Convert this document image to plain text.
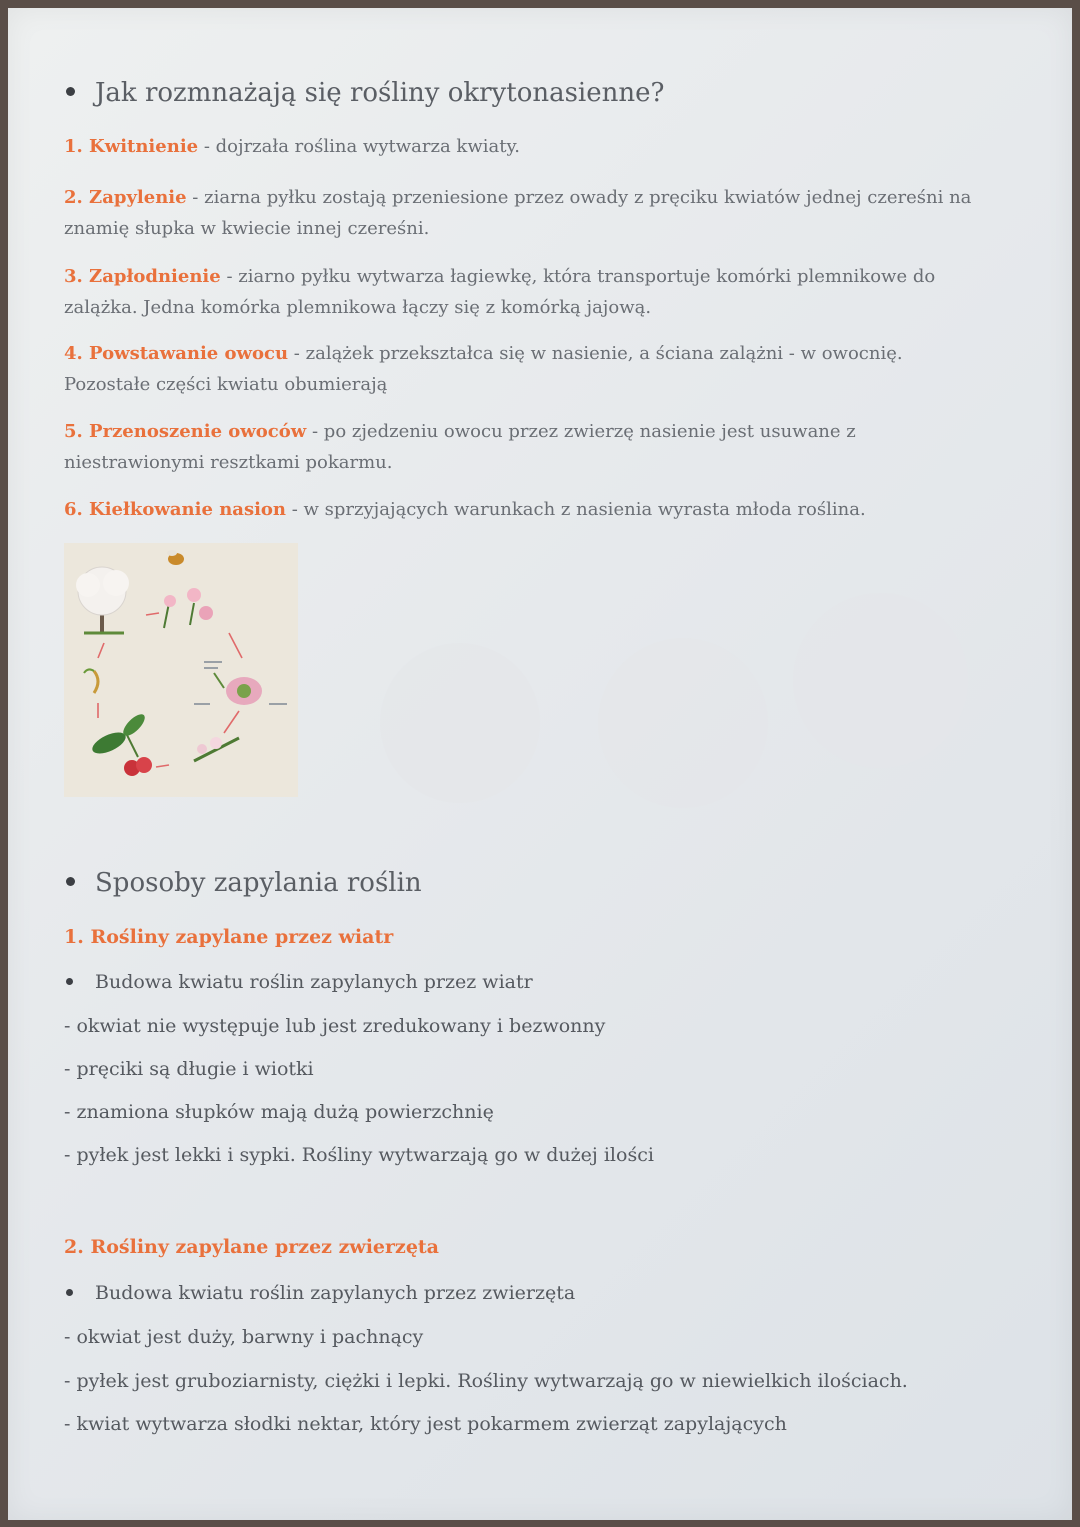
Jak rozmnażają się rośliny okrytonasienne?
1. Kwitnienie - dojrzała roślina wytwarza kwiaty.
2. Zapylenie - ziarna pyłku zostają przeniesione przez owady z pręciku kwiatów jednej czereśni na znamię słupka w kwiecie innej czereśni.
3. Zapłodnienie - ziarno pyłku wytwarza łagiewkę, która transportuje komórki plemnikowe do zalążka. Jedna komórka plemnikowa łączy się z komórką jajową.
4. Powstawanie owocu - zalążek przekształca się w nasienie, a ściana zalążni - w owocnię. Pozostałe części kwiatu obumierają
5. Przenoszenie owoców - po zjedzeniu owocu przez zwierzę nasienie jest usuwane z niestrawionymi resztkami pokarmu.
6. Kiełkowanie nasion - w sprzyjających warunkach z nasienia wyrasta młoda roślina.
Sposoby zapylania roślin
1. Rośliny zapylane przez wiatr
Budowa kwiatu roślin zapylanych przez wiatr
- okwiat nie występuje lub jest zredukowany i bezwonny
- pręciki są długie i wiotki
- znamiona słupków mają dużą powierzchnię
- pyłek jest lekki i sypki. Rośliny wytwarzają go w dużej ilości
2. Rośliny zapylane przez zwierzęta
Budowa kwiatu roślin zapylanych przez zwierzęta
- okwiat jest duży, barwny i pachnący
- pyłek jest gruboziarnisty, ciężki i lepki. Rośliny wytwarzają go w niewielkich ilościach.
- kwiat wytwarza słodki nektar, który jest pokarmem zwierząt zapylających
